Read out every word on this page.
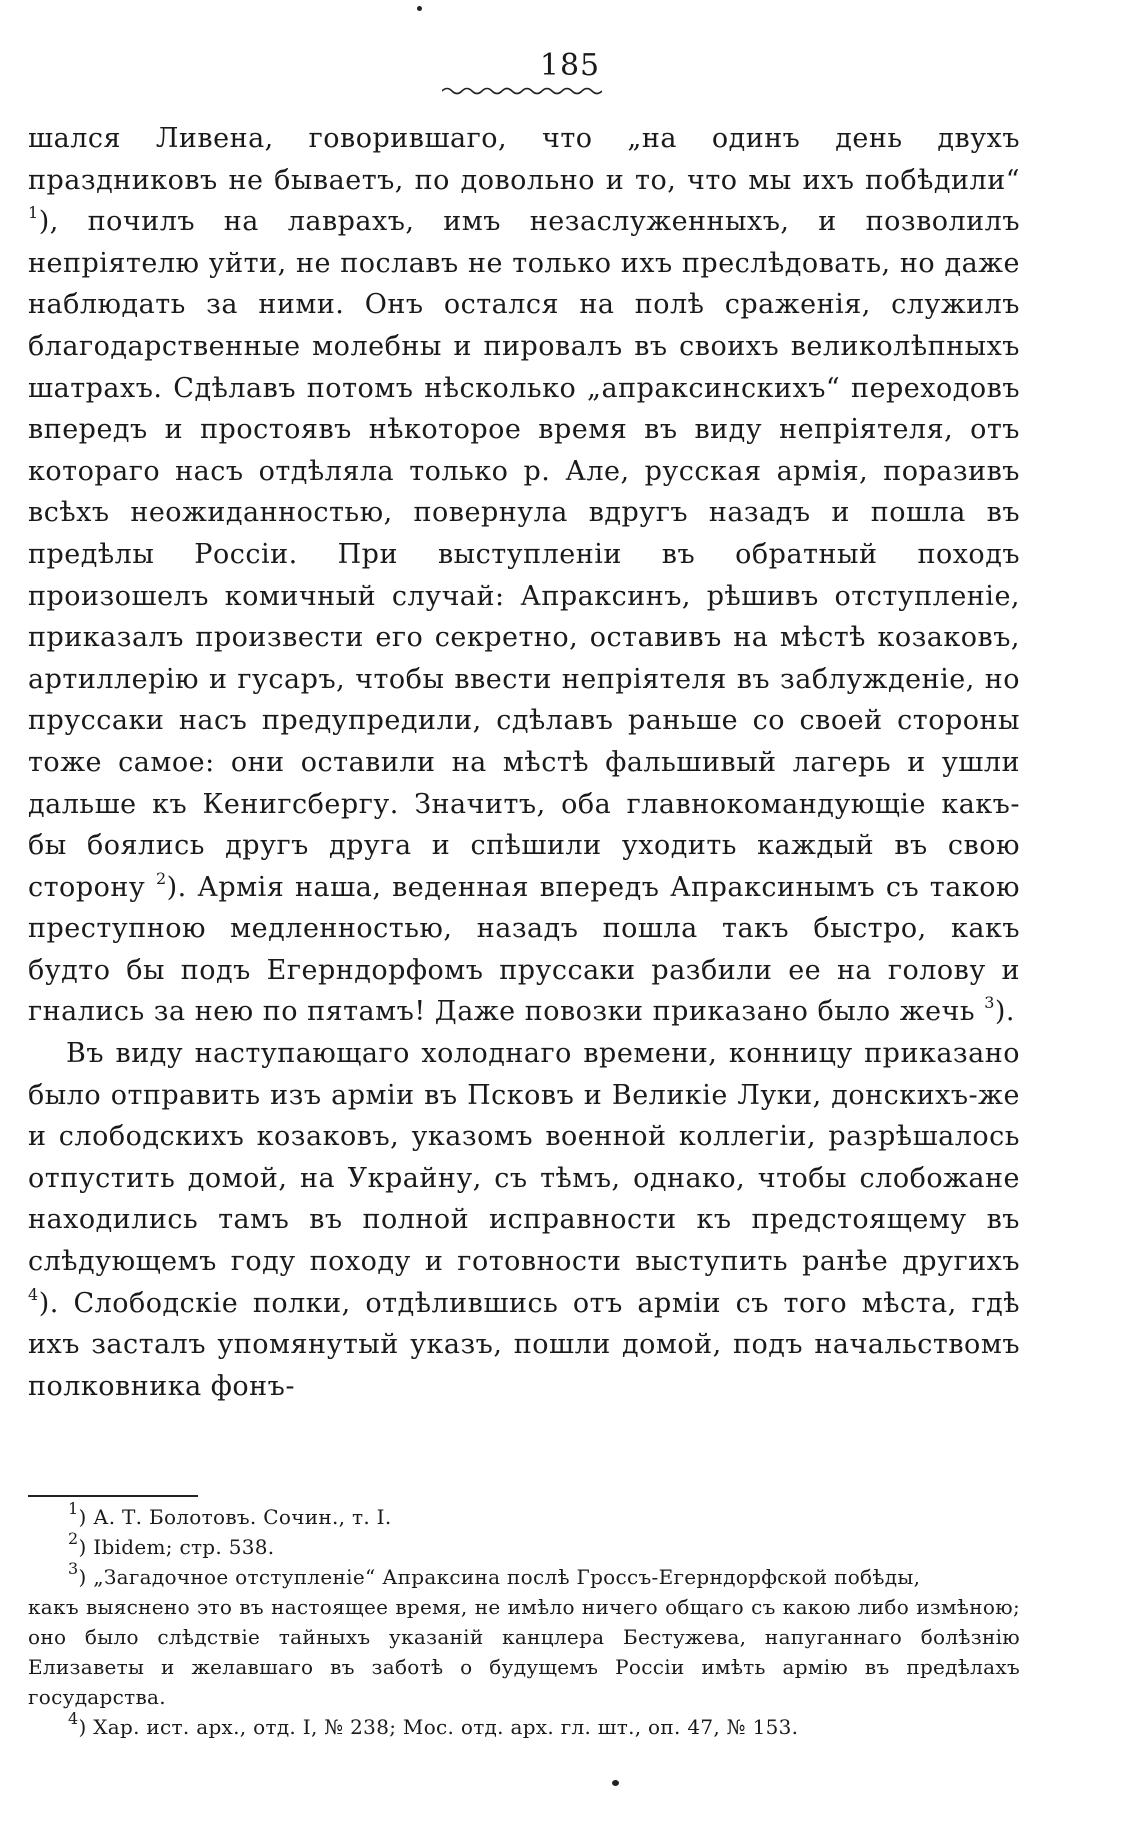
185

шался Ливена, говорившаго, что „на одинъ день двухъ праздниковъ не бываетъ, по довольно и то, что мы ихъ побѣдили“ $^1$), почилъ на лаврахъ, имъ незаслуженныхъ, и позволилъ непріятелю уйти, не пославъ не только ихъ преслѣдовать, но даже наблюдать за ними. Онъ остался на полѣ сраженія, служилъ благодарственные молебны и пировалъ въ своихъ великолѣпныхъ шатрахъ. Сдѣлавъ потомъ нѣсколько „апраксинскихъ“ переходовъ впередъ и простоявъ нѣкоторое время въ виду непріятеля, отъ котораго насъ отдѣляла только р. Але, русская армія, поразивъ всѣхъ неожиданностью, повернула вдругъ назадъ и пошла въ предѣлы Россіи. При выступленіи въ обратный походъ произошелъ комичный случай: Апраксинъ, рѣшивъ отступленіе, приказалъ произвести его секретно, оставивъ на мѣстѣ козаковъ, артиллерію и гусаръ, чтобы ввести непріятеля въ заблужденіе, но пруссаки насъ предупредили, сдѣлавъ раньше со своей стороны тоже самое: они оставили на мѣстѣ фальшивый лагерь и ушли дальше къ Кенигсбергу. Значитъ, оба главнокомандующіе какъ-бы боялись другъ друга и спѣшили уходить каждый въ свою сторону $^2$). Армія наша, веденная впередъ Апраксинымъ съ такою преступною медленностью, назадъ пошла такъ быстро, какъ будто бы подъ Егерндорфомъ пруссаки разбили ее на голову и гнались за нею по пятамъ! Даже повозки приказано было жечь $^3$).

Въ виду наступающаго холоднаго времени, конницу приказано было отправить изъ арміи въ Псковъ и Великіе Луки, донскихъ-же и слободскихъ козаковъ, указомъ военной коллегіи, разрѣшалось отпустить домой, на Украйну, съ тѣмъ, однако, чтобы слобожане находились тамъ въ полной исправности къ предстоящему въ слѣдующемъ году походу и готовности выступить ранѣе другихъ $^4$). Слободскіе полки, отдѣлившись отъ арміи съ того мѣста, гдѣ ихъ засталъ упомянутый указъ, пошли домой, подъ начальствомъ полковника фонъ-

$^1$) А. Т. Болотовъ. Сочин., т. I.

$^2$) Ibidem; стр. 538.

$^3$) „Загадочное отступленіе“ Апраксина послѣ Гроссъ-Егерндорфской побѣды,

какъ выяснено это въ настоящее время, не имѣло ничего общаго съ какою либо измѣною; оно было слѣдствіе тайныхъ указаній канцлера Бестужева, напуганнаго болѣзнію Елизаветы и желавшаго въ заботѣ о будущемъ Россіи имѣть армію въ предѣлахъ государства.

$^4$) Хар. ист. арх., отд. I, № 238; Мос. отд. арх. гл. шт., оп. 47, № 153.
